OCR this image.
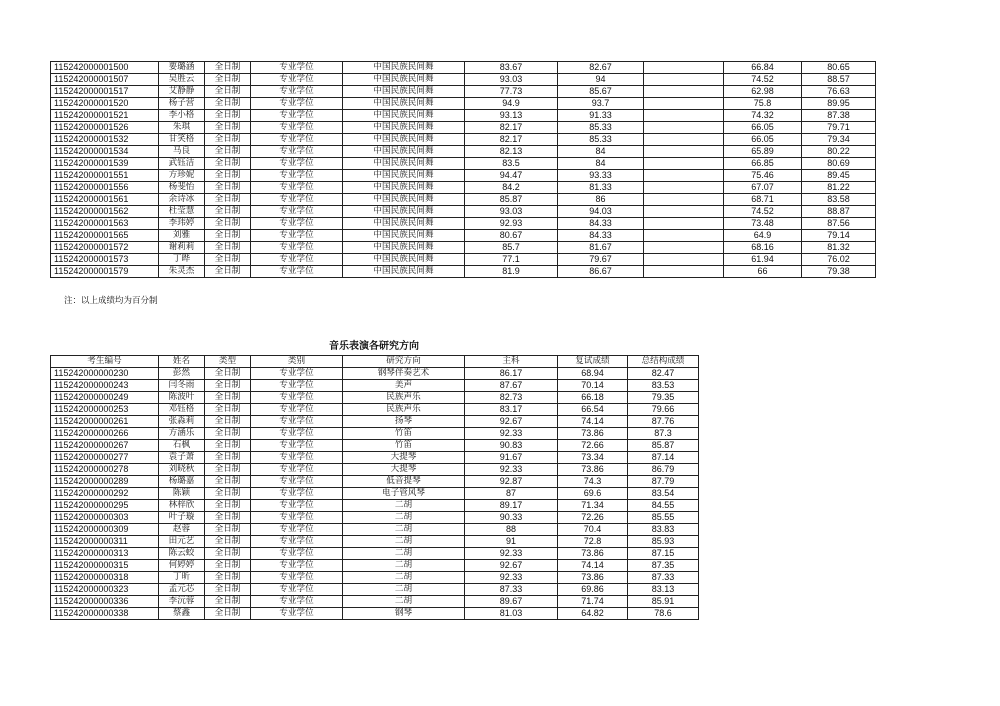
115242000001500	要璐涵	全日制	专业学位	中国民族民间舞	83.67	82.67		66.84	80.65
115242000001507	吴胜云	全日制	专业学位	中国民族民间舞	93.03	94		74.52	88.57
115242000001517	艾静静	全日制	专业学位	中国民族民间舞	77.73	85.67		62.98	76.63
115242000001520	杨子营	全日制	专业学位	中国民族民间舞	94.9	93.7		75.8	89.95
115242000001521	李小格	全日制	专业学位	中国民族民间舞	93.13	91.33		74.32	87.38
115242000001526	朱琪	全日制	专业学位	中国民族民间舞	82.17	85.33		66.05	79.71
115242000001532	甘笑格	全日制	专业学位	中国民族民间舞	82.17	85.33		66.05	79.34
115242000001534	马良	全日制	专业学位	中国民族民间舞	82.13	84		65.89	80.22
115242000001539	武钰洁	全日制	专业学位	中国民族民间舞	83.5	84		66.85	80.69
115242000001551	方珍妮	全日制	专业学位	中国民族民间舞	94.47	93.33		75.46	89.45
115242000001556	杨斐怡	全日制	专业学位	中国民族民间舞	84.2	81.33		67.07	81.22
115242000001561	余诗冰	全日制	专业学位	中国民族民间舞	85.87	86		68.71	83.58
115242000001562	杜莹慧	全日制	专业学位	中国民族民间舞	93.03	94.03		74.52	88.87
115242000001563	李玮婷	全日制	专业学位	中国民族民间舞	92.93	84.33		73.48	87.56
115242000001565	刘雅	全日制	专业学位	中国民族民间舞	80.67	84.33		64.9	79.14
115242000001572	谢莉莉	全日制	专业学位	中国民族民间舞	85.7	81.67		68.16	81.32
115242000001573	丁晔	全日制	专业学位	中国民族民间舞	77.1	79.67		61.94	76.02
115242000001579	朱灵杰	全日制	专业学位	中国民族民间舞	81.9	86.67		66	79.38
注：以上成绩均为百分制
音乐表演各研究方向
考生编号	姓名	类型	类别	研究方向	主科	复试成绩	总结构成绩
115242000000230	彭然	全日制	专业学位	钢琴伴奏艺术	86.17	68.94	82.47
115242000000243	闫冬雨	全日制	专业学位	美声	87.67	70.14	83.53
115242000000249	陈波叶	全日制	专业学位	民族声乐	82.73	66.18	79.35
115242000000253	邓钰格	全日制	专业学位	民族声乐	83.17	66.54	79.66
115242000000261	张淼莉	全日制	专业学位	扬琴	92.67	74.14	87.76
115242000000266	方涵乐	全日制	专业学位	竹笛	92.33	73.86	87.3
115242000000267	石枫	全日制	专业学位	竹笛	90.83	72.66	85.87
115242000000277	袁子萧	全日制	专业学位	大提琴	91.67	73.34	87.14
115242000000278	刘晓秋	全日制	专业学位	大提琴	92.33	73.86	86.79
115242000000289	杨璐嘉	全日制	专业学位	低音提琴	92.87	74.3	87.79
115242000000292	陈颖	全日制	专业学位	电子管风琴	87	69.6	83.54
115242000000295	林梓欣	全日制	专业学位	二胡	89.17	71.34	84.55
115242000000303	叶子璇	全日制	专业学位	二胡	90.33	72.26	85.55
115242000000309	赵蓉	全日制	专业学位	二胡	88	70.4	83.83
115242000000311	田元艺	全日制	专业学位	二胡	91	72.8	85.93
115242000000313	陈云蛟	全日制	专业学位	二胡	92.33	73.86	87.15
115242000000315	何婷婷	全日制	专业学位	二胡	92.67	74.14	87.35
115242000000318	丁昕	全日制	专业学位	二胡	92.33	73.86	87.33
115242000000323	孟元芯	全日制	专业学位	二胡	87.33	69.86	83.13
115242000000336	李沅蓉	全日制	专业学位	二胡	89.67	71.74	85.91
115242000000338	蔡鑫	全日制	专业学位	钢琴	81.03	64.82	78.6
